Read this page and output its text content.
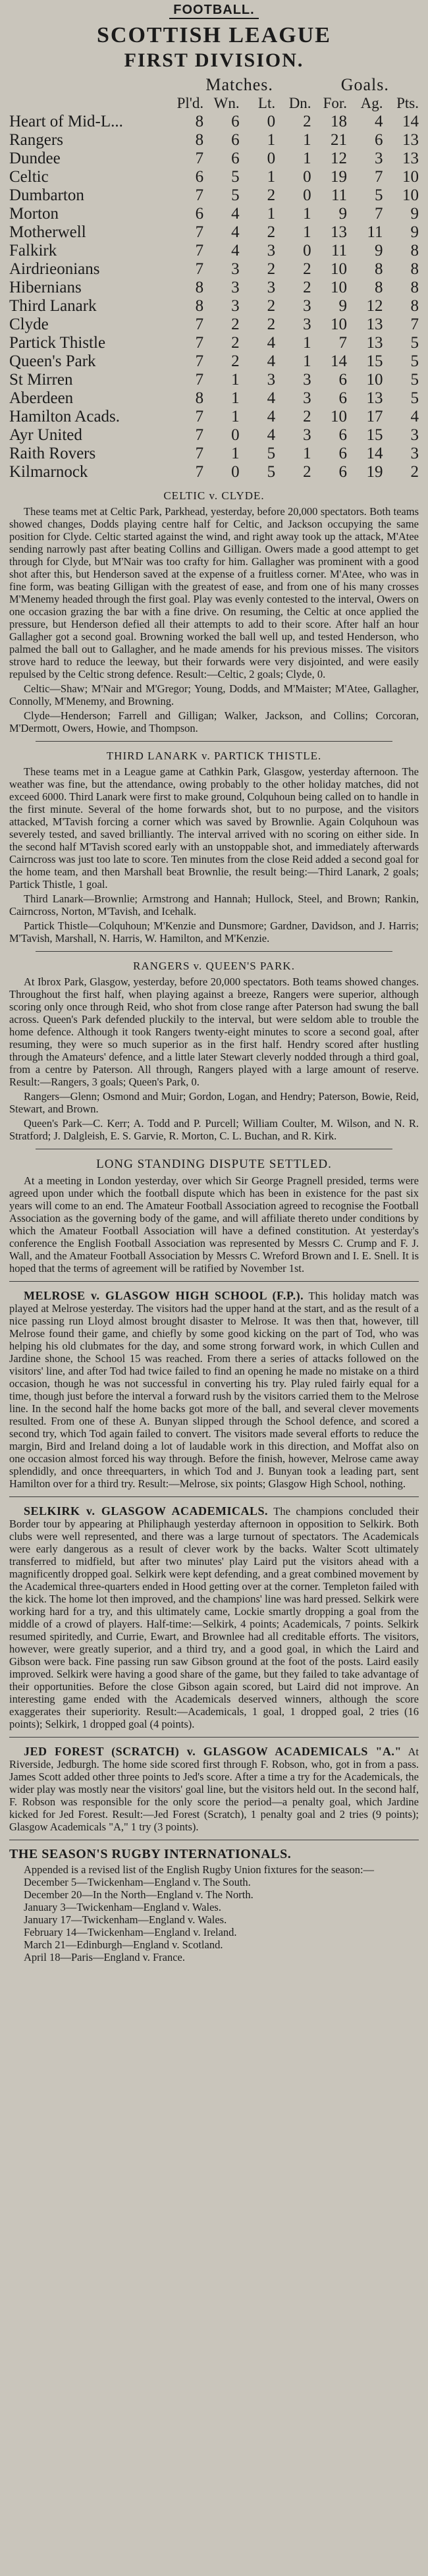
FOOTBALL.
SCOTTISH LEAGUE
FIRST DIVISION.
	Matches.				Goals.		
	Pl'd.	Wn.	Lt.	Dn.	For.	Ag.	Pts.
Heart of Mid-L...	8	6	0	2	18	4	14
Rangers	8	6	1	1	21	6	13
Dundee	7	6	0	1	12	3	13
Celtic	6	5	1	0	19	7	10
Dumbarton	7	5	2	0	11	5	10
Morton	6	4	1	1	9	7	9
Motherwell	7	4	2	1	13	11	9
Falkirk	7	4	3	0	11	9	8
Airdrieonians	7	3	2	2	10	8	8
Hibernians	8	3	3	2	10	8	8
Third Lanark	8	3	2	3	9	12	8
Clyde	7	2	2	3	10	13	7
Partick Thistle	7	2	4	1	7	13	5
Queen's Park	7	2	4	1	14	15	5
St Mirren	7	1	3	3	6	10	5
Aberdeen	8	1	4	3	6	13	5
Hamilton Acads.	7	1	4	2	10	17	4
Ayr United	7	0	4	3	6	15	3
Raith Rovers	7	1	5	1	6	14	3
Kilmarnock	7	0	5	2	6	19	2
CELTIC v. CLYDE.

These teams met at Celtic Park, Parkhead, yesterday, before 20,000 spectators. Both teams showed changes, Dodds playing centre half for Celtic, and Jackson occupying the same position for Clyde. Celtic started against the wind, and right away took up the attack, M'Atee sending narrowly past after beating Collins and Gilligan. Owers made a good attempt to get through for Clyde, but M'Nair was too crafty for him. Gallagher was prominent with a good shot after this, but Henderson saved at the expense of a fruitless corner. M'Atee, who was in fine form, was beating Gilligan with the greatest of ease, and from one of his many crosses M'Menemy headed through the first goal. Play was evenly contested to the interval, Owers on one occasion grazing the bar with a fine drive. On resuming, the Celtic at once applied the pressure, but Henderson defied all their attempts to add to their score. After half an hour Gallagher got a second goal. Browning worked the ball well up, and tested Henderson, who palmed the ball out to Gallagher, and he made amends for his previous misses. The visitors strove hard to reduce the leeway, but their forwards were very disjointed, and were easily repulsed by the Celtic strong defence. Result:—Celtic, 2 goals; Clyde, 0.

Celtic—Shaw; M'Nair and M'Gregor; Young, Dodds, and M'Maister; M'Atee, Gallagher, Connolly, M'Menemy, and Browning.

Clyde—Henderson; Farrell and Gilligan; Walker, Jackson, and Collins; Corcoran, M'Dermott, Owers, Howie, and Thompson.

THIRD LANARK v. PARTICK THISTLE.

These teams met in a League game at Cathkin Park, Glasgow, yesterday afternoon. The weather was fine, but the attendance, owing probably to the other holiday matches, did not exceed 6000. Third Lanark were first to make ground, Colquhoun being called on to handle in the first minute. Several of the home forwards shot, but to no purpose, and the visitors attacked, M'Tavish forcing a corner which was saved by Brownlie. Again Colquhoun was severely tested, and saved brilliantly. The interval arrived with no scoring on either side. In the second half M'Tavish scored early with an unstoppable shot, and immediately afterwards Cairncross was just too late to score. Ten minutes from the close Reid added a second goal for the home team, and then Marshall beat Brownlie, the result being:—Third Lanark, 2 goals; Partick Thistle, 1 goal.

Third Lanark—Brownlie; Armstrong and Hannah; Hullock, Steel, and Brown; Rankin, Cairncross, Norton, M'Tavish, and Icehalk.

Partick Thistle—Colquhoun; M'Kenzie and Dunsmore; Gardner, Davidson, and J. Harris; M'Tavish, Marshall, N. Harris, W. Hamilton, and M'Kenzie.

RANGERS v. QUEEN'S PARK.

At Ibrox Park, Glasgow, yesterday, before 20,000 spectators. Both teams showed changes. Throughout the first half, when playing against a breeze, Rangers were superior, although scoring only once through Reid, who shot from close range after Paterson had swung the ball across. Queen's Park defended pluckily to the interval, but were seldom able to trouble the home defence. Although it took Rangers twenty-eight minutes to score a second goal, after resuming, they were so much superior as in the first half. Hendry scored after hustling through the Amateurs' defence, and a little later Stewart cleverly nodded through a third goal, from a centre by Paterson. All through, Rangers played with a large amount of reserve. Result:—Rangers, 3 goals; Queen's Park, 0.

Rangers—Glenn; Osmond and Muir; Gordon, Logan, and Hendry; Paterson, Bowie, Reid, Stewart, and Brown.

Queen's Park—C. Kerr; A. Todd and P. Purcell; William Coulter, M. Wilson, and N. R. Stratford; J. Dalgleish, E. S. Garvie, R. Morton, C. L. Buchan, and R. Kirk.

LONG STANDING DISPUTE SETTLED.

At a meeting in London yesterday, over which Sir George Pragnell presided, terms were agreed upon under which the football dispute which has been in existence for the past six years will come to an end. The Amateur Football Association agreed to recognise the Football Association as the governing body of the game, and will affiliate thereto under conditions by which the Amateur Football Association will have a defined constitution. At yesterday's conference the English Football Association was represented by Messrs C. Crump and F. J. Wall, and the Amateur Football Association by Messrs C. Wreford Brown and I. E. Snell. It is hoped that the terms of agreement will be ratified by November 1st.

MELROSE v. GLASGOW HIGH SCHOOL (F.P.). This holiday match was played at Melrose yesterday. The visitors had the upper hand at the start, and as the result of a nice passing run Lloyd almost brought disaster to Melrose. It was then that, however, till Melrose found their game, and chiefly by some good kicking on the part of Tod, who was helping his old clubmates for the day, and some strong forward work, in which Cullen and Jardine shone, the School 15 was reached. From there a series of attacks followed on the visitors' line, and after Tod had twice failed to find an opening he made no mistake on a third occasion, though he was not successful in converting his try. Play ruled fairly equal for a time, though just before the interval a forward rush by the visitors carried them to the Melrose line. In the second half the home backs got more of the ball, and several clever movements resulted. From one of these A. Bunyan slipped through the School defence, and scored a second try, which Tod again failed to convert. The visitors made several efforts to reduce the margin, Bird and Ireland doing a lot of laudable work in this direction, and Moffat also on one occasion almost forced his way through. Before the finish, however, Melrose came away splendidly, and once threequarters, in which Tod and J. Bunyan took a leading part, sent Hamilton over for a third try. Result:—Melrose, six points; Glasgow High School, nothing.

SELKIRK v. GLASGOW ACADEMICALS. The champions concluded their Border tour by appearing at Philiphaugh yesterday afternoon in opposition to Selkirk. Both clubs were well represented, and there was a large turnout of spectators. The Academicals were early dangerous as a result of clever work by the backs. Walter Scott ultimately transferred to midfield, but after two minutes' play Laird put the visitors ahead with a magnificently dropped goal. Selkirk were kept defending, and a great combined movement by the Academical three-quarters ended in Hood getting over at the corner. Templeton failed with the kick. The home lot then improved, and the champions' line was hard pressed. Selkirk were working hard for a try, and this ultimately came, Lockie smartly dropping a goal from the middle of a crowd of players. Half-time:—Selkirk, 4 points; Academicals, 7 points. Selkirk resumed spiritedly, and Currie, Ewart, and Brownlee had all creditable efforts. The visitors, however, were greatly superior, and a third try, and a good goal, in which the Laird and Gibson were back. Fine passing run saw Gibson ground at the foot of the posts. Laird easily improved. Selkirk were having a good share of the game, but they failed to take advantage of their opportunities. Before the close Gibson again scored, but Laird did not improve. An interesting game ended with the Academicals deserved winners, although the score exaggerates their superiority. Result:—Academicals, 1 goal, 1 dropped goal, 2 tries (16 points); Selkirk, 1 dropped goal (4 points).

JED FOREST (SCRATCH) v. GLASGOW ACADEMICALS "A." At Riverside, Jedburgh. The home side scored first through F. Robson, who, got in from a pass. James Scott added other three points to Jed's score. After a time a try for the Academicals, the wider play was mostly near the visitors' goal line, but the visitors held out. In the second half, F. Robson was responsible for the only score the period—a penalty goal, which Jardine kicked for Jed Forest. Result:—Jed Forest (Scratch), 1 penalty goal and 2 tries (9 points); Glasgow Academicals "A," 1 try (3 points).

THE SEASON'S RUGBY INTERNATIONALS.

Appended is a revised list of the English Rugby Union fixtures for the season:—

December 5—Twickenham—England v. The South.
December 20—In the North—England v. The North.
January 3—Twickenham—England v. Wales.
January 17—Twickenham—England v. Wales.
February 14—Twickenham—England v. Ireland.
March 21—Edinburgh—England v. Scotland.
April 18—Paris—England v. France.
